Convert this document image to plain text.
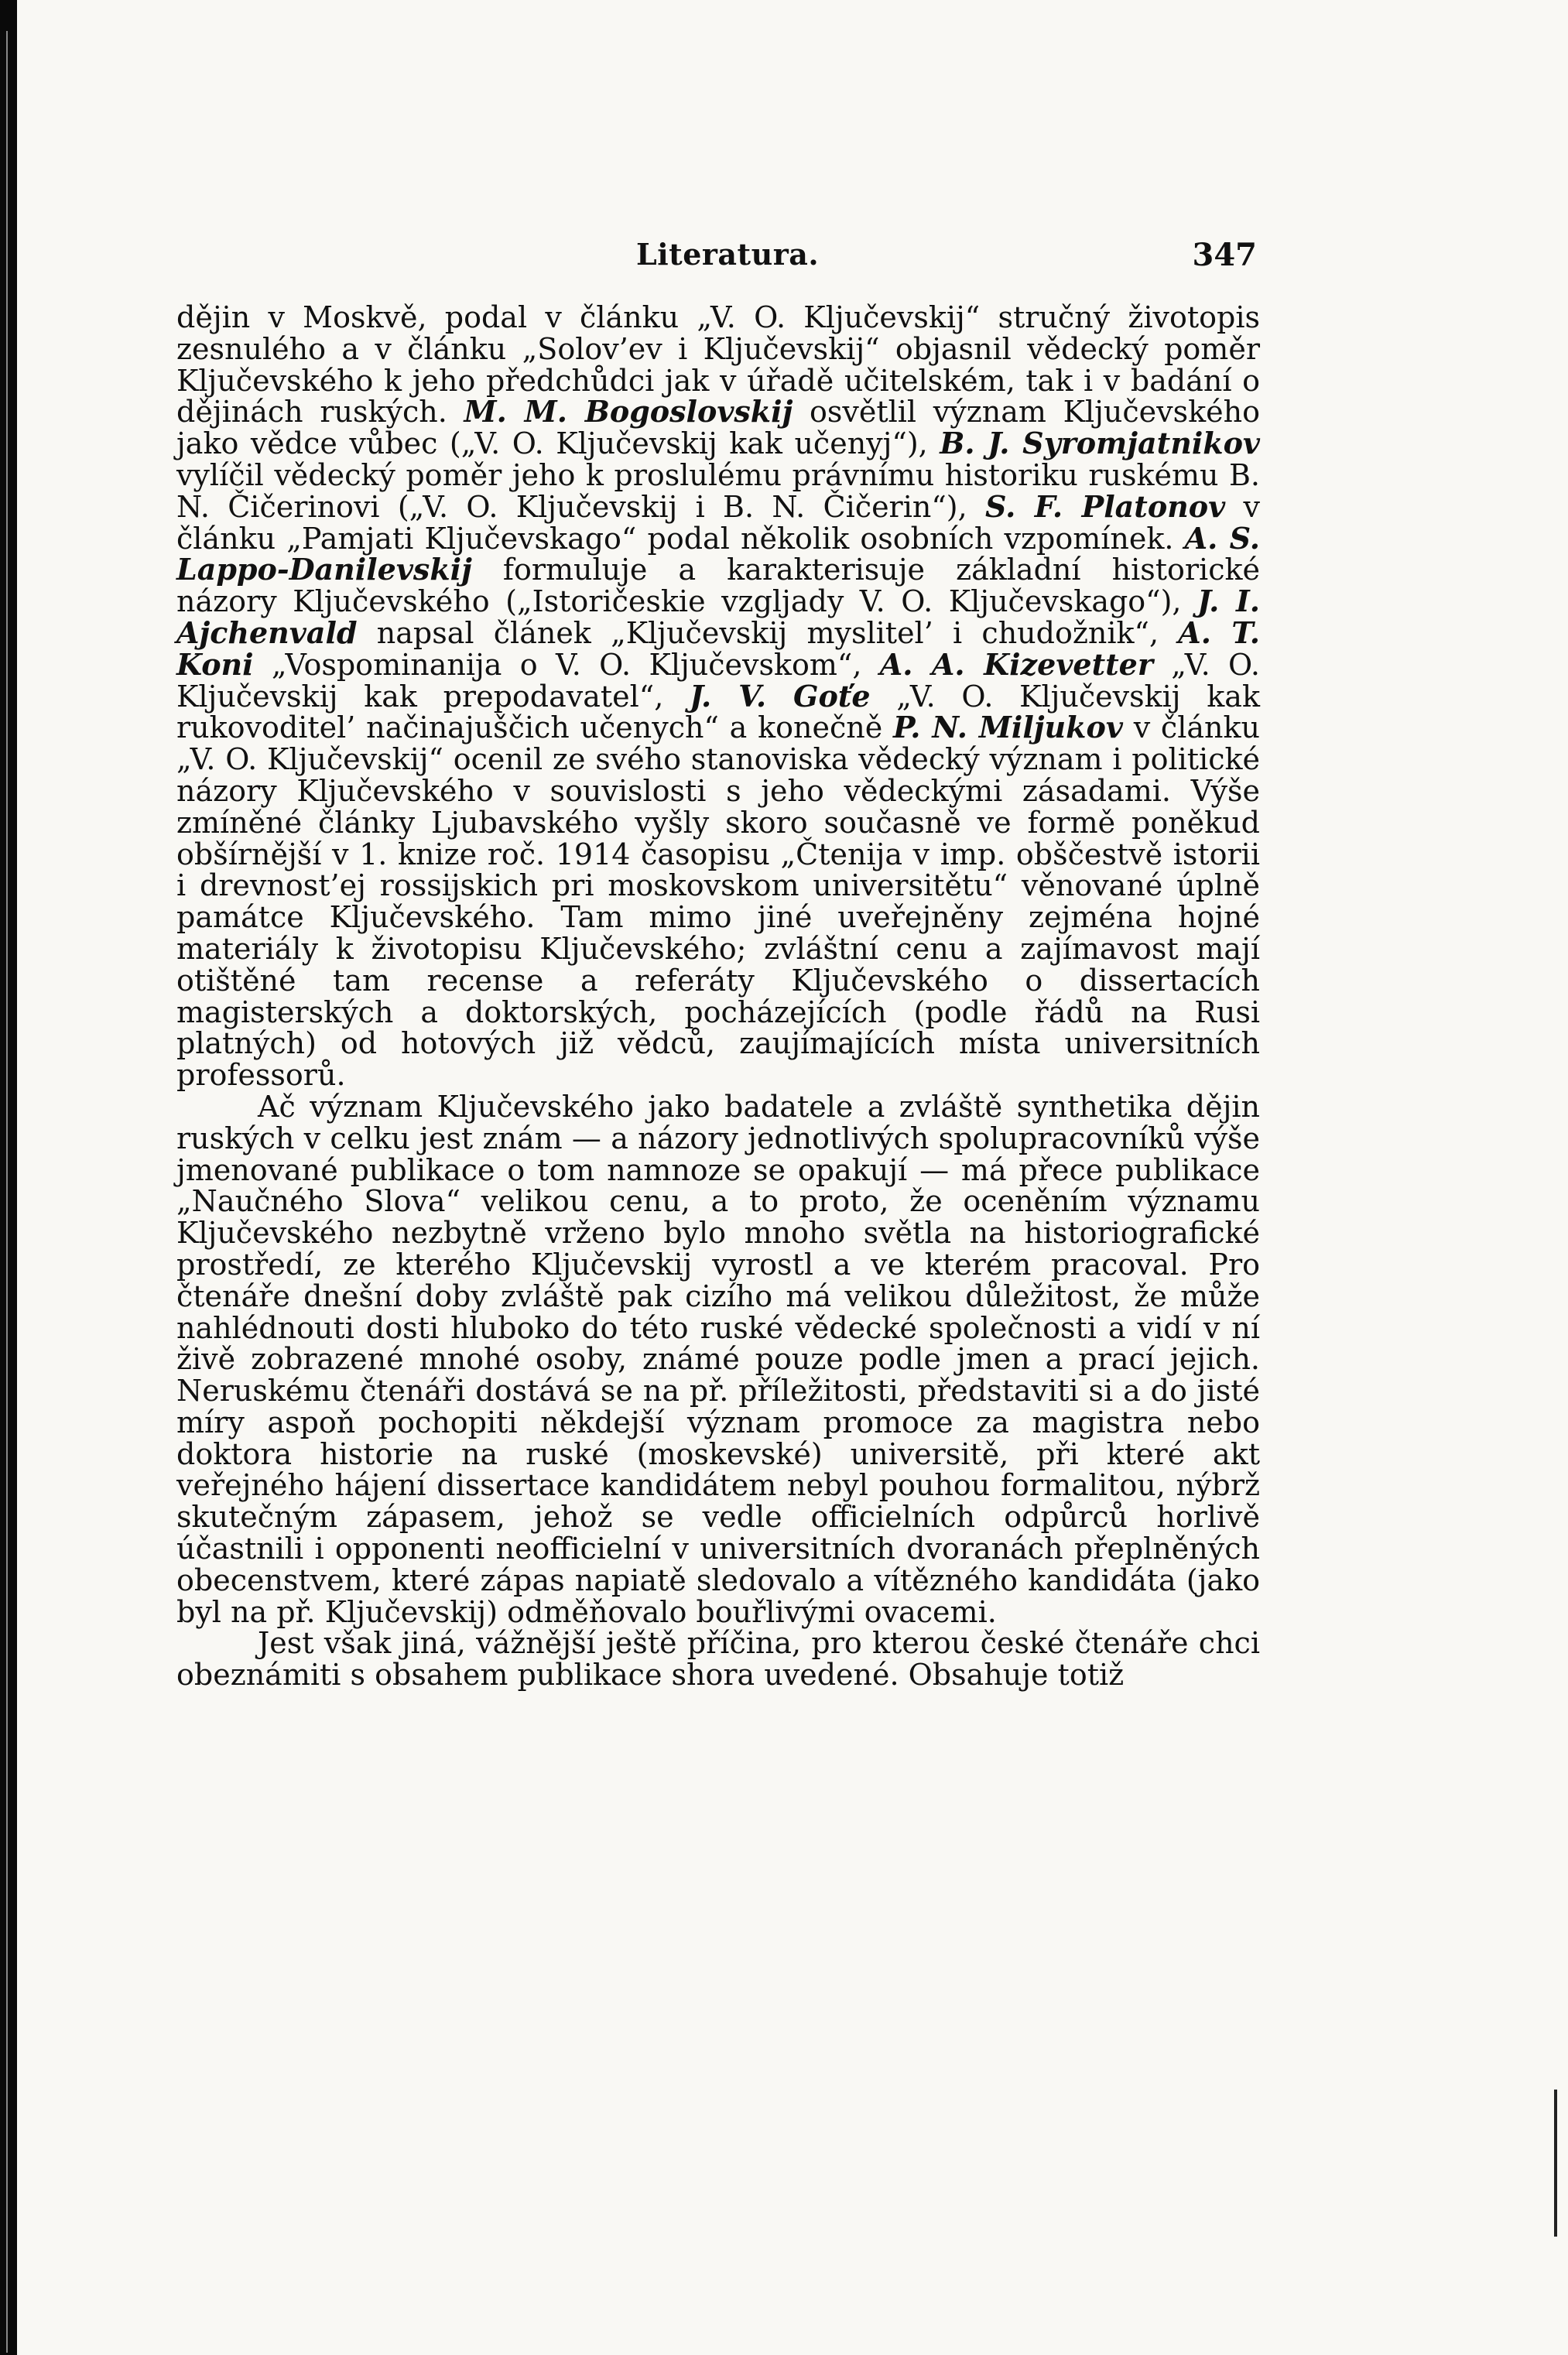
Literatura.	347

dějin v Moskvě, podal v článku „V. O. Ključevskij“ stručný životopis zesnulého a v článku „Solov’ev i Ključevskij“ objasnil vědecký poměr Ključevského k jeho předchůdci jak v úřadě učitelském, tak i v badání o dějinách ruských. M. M. Bogoslovskij osvětlil význam Ključevského jako vědce vůbec („V. O. Ključevskij kak učenyj“), B. J. Syromjatnikov vylíčil vědecký poměr jeho k proslulému právnímu historiku ruskému B. N. Čičerinovi („V. O. Ključevskij i B. N. Čičerin“), S. F. Platonov v článku „Pamjati Ključevskago“ podal několik osobních vzpomínek. A. S. Lappo-Danilevskij formuluje a karakterisuje základní historické názory Ključevského („Istoričeskie vzgljady V. O. Ključevskago“), J. I. Ajchenvald napsal článek „Ključevskij myslitel’ i chudožnik“, A. T. Koni „Vospominanija o V. O. Ključevskom“, A. A. Kizevetter „V. O. Ključevskij kak prepodavatel“, J. V. Goťe „V. O. Ključevskij kak rukovoditel’ načinajuščich učenych“ a konečně P. N. Miljukov v článku „V. O. Ključevskij“ ocenil ze svého stanoviska vědecký význam i politické názory Ključevského v souvislosti s jeho vědeckými zásadami. Výše zmíněné články Ljubavského vyšly skoro současně ve formě poněkud obšírnější v 1. knize roč. 1914 časopisu „Čtenija v imp. obščestvě istorii i drevnost’ej rossijskich pri moskovskom universitětu“ věnované úplně památce Ključevského. Tam mimo jiné uveřejněny zejména hojné materiály k životopisu Ključevského; zvláštní cenu a zajímavost mají otištěné tam recense a referáty Ključevského o dissertacích magisterských a doktorských, pocházejících (podle řádů na Rusi platných) od hotových již vědců, zaujímajících místa universitních professorů.

Ač význam Ključevského jako badatele a zvláště synthetika dějin ruských v celku jest znám — a názory jednotlivých spolupracovníků výše jmenované publikace o tom namnoze se opakují — má přece publikace „Naučného Slova“ velikou cenu, a to proto, že oceněním významu Ključevského nezbytně vrženo bylo mnoho světla na historiografické prostředí, ze kterého Ključevskij vyrostl a ve kterém pracoval. Pro čtenáře dnešní doby zvláště pak cizího má velikou důležitost, že může nahlédnouti dosti hluboko do této ruské vědecké společnosti a vidí v ní živě zobrazené mnohé osoby, známé pouze podle jmen a prací jejich. Neruskému čtenáři dostává se na př. příležitosti, představiti si a do jisté míry aspoň pochopiti někdejší význam promoce za magistra nebo doktora historie na ruské (moskevské) universitě, při které akt veřejného hájení dissertace kandidátem nebyl pouhou formalitou, nýbrž skutečným zápasem, jehož se vedle officielních odpůrců horlivě účastnili i opponenti neofficielní v universitních dvoranách přeplněných obecenstvem, které zápas napiatě sledovalo a vítězného kandidáta (jako byl na př. Ključevskij) odměňovalo bouřlivými ovacemi.

Jest však jiná, vážnější ještě příčina, pro kterou české čtenáře chci obeznámiti s obsahem publikace shora uvedené. Obsahuje totiž
